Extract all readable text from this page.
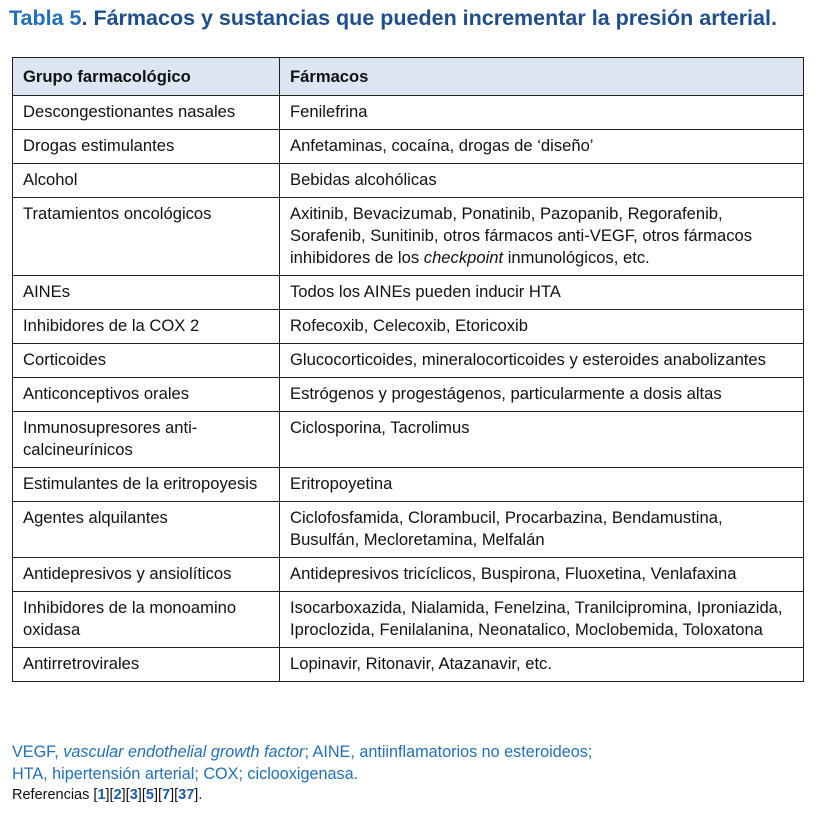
Tabla 5. Fármacos y sustancias que pueden incrementar la presión arterial.
Grupo farmacológico	Fármacos
Descongestionantes nasales	Fenilefrina
Drogas estimulantes	Anfetaminas, cocaína, drogas de ‘diseño’
Alcohol	Bebidas alcohólicas
Tratamientos oncológicos	Axitinib, Bevacizumab, Ponatinib, Pazopanib, Regorafenib, Sorafenib, Sunitinib, otros fármacos anti-VEGF, otros fármacos inhibidores de los checkpoint inmunológicos, etc.
AINEs	Todos los AINEs pueden inducir HTA
Inhibidores de la COX 2	Rofecoxib, Celecoxib, Etoricoxib
Corticoides	Glucocorticoides, mineralocorticoides y esteroides anabolizantes
Anticonceptivos orales	Estrógenos y progestágenos, particularmente a dosis altas
Inmunosupresores anti-calcineurínicos	Ciclosporina, Tacrolimus
Estimulantes de la eritropoyesis	Eritropoyetina
Agentes alquilantes	Ciclofosfamida, Clorambucil, Procarbazina, Bendamustina, Busulfán, Mecloretamina, Melfalán
Antidepresivos y ansiolíticos	Antidepresivos tricíclicos, Buspirona, Fluoxetina, Venlafaxina
Inhibidores de la monoamino oxidasa	Isocarboxazida, Nialamida, Fenelzina, Tranilcipromina, Iproniazida, Iproclozida, Fenilalanina, Neonatalico, Moclobemida, Toloxatona
Antirretrovirales	Lopinavir, Ritonavir, Atazanavir, etc.
VEGF, vascular endothelial growth factor; AINE, antiinflamatorios no esteroideos;
HTA, hipertensión arterial; COX; ciclooxigenasa.
Referencias [1][2][3][5][7][37].
